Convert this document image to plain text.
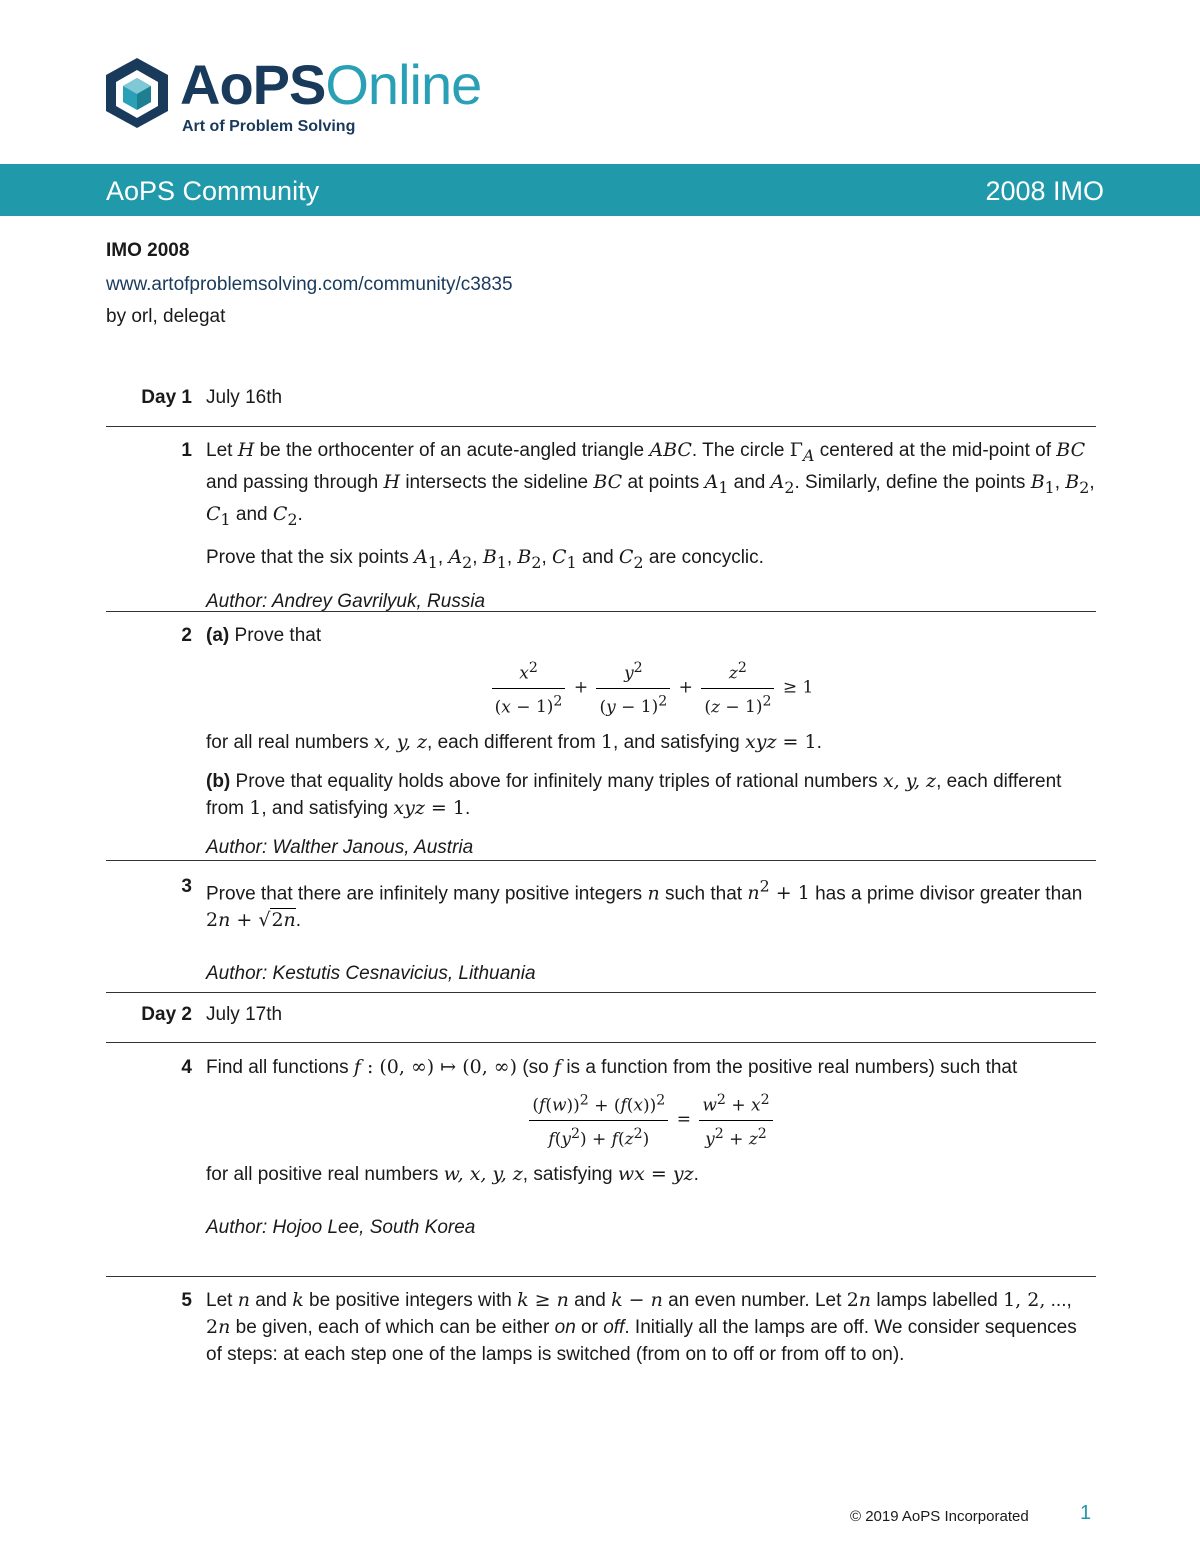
AoPSOnline
Art of Problem Solving
AoPS Community	2008 IMO
IMO 2008
www.artofproblemsolving.com/community/c3835
by orl, delegat
Day 1 July 16th
1 Let H be the orthocenter of an acute-angled triangle ABC. The circle $\Gamma_A$ centered at the mid-point of BC and passing through H intersects the sideline BC at points $A_1$ and $A_2$. Similarly, define the points $B_1$, $B_2$, $C_1$ and $C_2$.

Prove that the six points $A_1$, $A_2$, $B_1$, $B_2$, $C_1$ and $C_2$ are concyclic.

Author: Andrey Gavrilyuk, Russia

2 (a) Prove that

$\frac{x^2}{(x - 1)^2} + \frac{y^2}{(y - 1)^2} + \frac{z^2}{(z - 1)^2} \ge 1$

for all real numbers x, y, z, each different from 1, and satisfying xyz = 1.

(b) Prove that equality holds above for infinitely many triples of rational numbers x, y, z, each different from 1, and satisfying xyz = 1.

Author: Walther Janous, Austria

3 Prove that there are infinitely many positive integers n such that $n^2 + 1$ has a prime divisor greater than 2n + √2n.

Author: Kestutis Cesnavicius, Lithuania

Day 2 July 17th
4 Find all functions f : (0, ∞) ↦ (0, ∞) (so f is a function from the positive real numbers) such that

$\frac{(f(w))^2 + (f(x))^2}{f(y^2) + f(z^2)} = \frac{w^2 + x^2}{y^2 + z^2}$

for all positive real numbers w, x, y, z, satisfying wx = yz.

Author: Hojoo Lee, South Korea

5 Let n and k be positive integers with k ≥ n and k − n an even number. Let 2n lamps labelled 1, 2, ..., 2n be given, each of which can be either on or off. Initially all the lamps are off. We consider sequences of steps: at each step one of the lamps is switched (from on to off or from off to on).

© 2019 AoPS Incorporated	1
